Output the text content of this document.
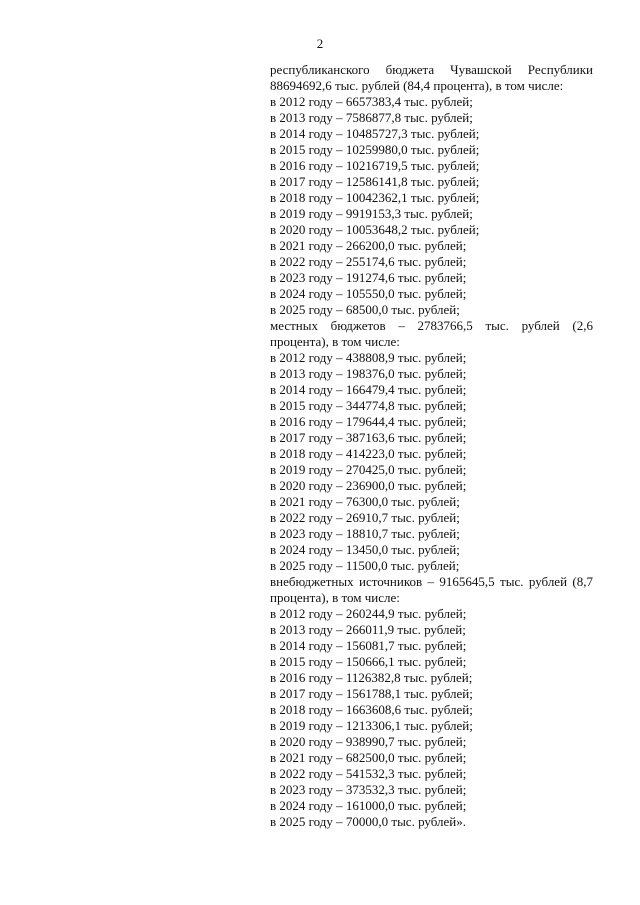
2

республиканского бюджета Чувашской Республики 88694692,6 тыс. рублей (84,4 процента), в том числе:

в 2012 году – 6657383,4 тыс. рублей;
в 2013 году – 7586877,8 тыс. рублей;
в 2014 году – 10485727,3 тыс. рублей;
в 2015 году – 10259980,0 тыс. рублей;
в 2016 году – 10216719,5 тыс. рублей;
в 2017 году – 12586141,8 тыс. рублей;
в 2018 году – 10042362,1 тыс. рублей;
в 2019 году – 9919153,3 тыс. рублей;
в 2020 году – 10053648,2 тыс. рублей;
в 2021 году – 266200,0 тыс. рублей;
в 2022 году – 255174,6 тыс. рублей;
в 2023 году – 191274,6 тыс. рублей;
в 2024 году – 105550,0 тыс. рублей;
в 2025 году – 68500,0 тыс. рублей;

местных бюджетов – 2783766,5 тыс. рублей (2,6 процента), в том числе:

в 2012 году – 438808,9 тыс. рублей;
в 2013 году – 198376,0 тыс. рублей;
в 2014 году – 166479,4 тыс. рублей;
в 2015 году – 344774,8 тыс. рублей;
в 2016 году – 179644,4 тыс. рублей;
в 2017 году – 387163,6 тыс. рублей;
в 2018 году – 414223,0 тыс. рублей;
в 2019 году – 270425,0 тыс. рублей;
в 2020 году – 236900,0 тыс. рублей;
в 2021 году – 76300,0 тыс. рублей;
в 2022 году – 26910,7 тыс. рублей;
в 2023 году – 18810,7 тыс. рублей;
в 2024 году – 13450,0 тыс. рублей;
в 2025 году – 11500,0 тыс. рублей;

внебюджетных источников – 9165645,5 тыс. рублей (8,7 процента), в том числе:

в 2012 году – 260244,9 тыс. рублей;
в 2013 году – 266011,9 тыс. рублей;
в 2014 году – 156081,7 тыс. рублей;
в 2015 году – 150666,1 тыс. рублей;
в 2016 году – 1126382,8 тыс. рублей;
в 2017 году – 1561788,1 тыс. рублей;
в 2018 году – 1663608,6 тыс. рублей;
в 2019 году – 1213306,1 тыс. рублей;
в 2020 году – 938990,7 тыс. рублей;
в 2021 году – 682500,0 тыс. рублей;
в 2022 году – 541532,3 тыс. рублей;
в 2023 году – 373532,3 тыс. рублей;
в 2024 году – 161000,0 тыс. рублей;
в 2025 году – 70000,0 тыс. рублей».
